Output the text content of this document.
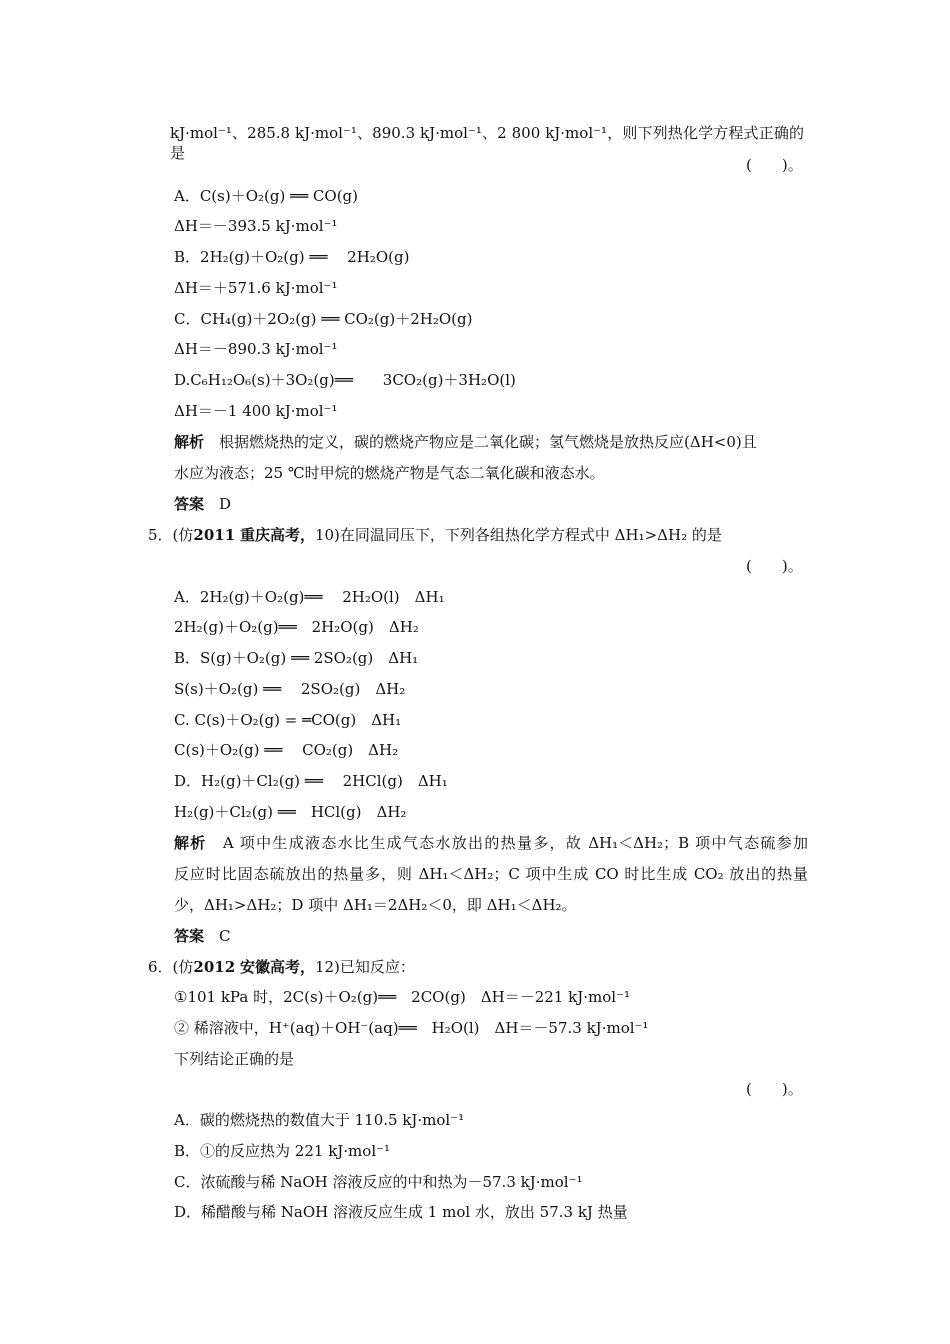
kJ·mol⁻¹、285.8 kJ·mol⁻¹、890.3 kJ·mol⁻¹、2 800 kJ·mol⁻¹，则下列热化学方程式正确的是
(　　)。
A．C(s)＋O₂(g) ══ CO(g)
ΔH＝－393.5 kJ·mol⁻¹
B．2H₂(g)＋O₂(g) ══　 2H₂O(g)
ΔH＝＋571.6 kJ·mol⁻¹
C．CH₄(g)＋2O₂(g) ══ CO₂(g)＋2H₂O(g)
ΔH＝－890.3 kJ·mol⁻¹
D.C₆H₁₂O₆(s)＋3O₂(g)══　　3CO₂(g)＋3H₂O(l)
ΔH＝－1 400 kJ·mol⁻¹
解析　 根据燃烧热的定义，碳的燃烧产物应是二氧化碳；氢气燃烧是放热反应(ΔH<0)且
水应为液态；25 ℃时甲烷的燃烧产物是气态二氧化碳和液态水。
答案　 D
5．(仿2011 重庆高考，10)在同温同压下，下列各组热化学方程式中 ΔH₁>ΔH₂ 的是
(　　)。
A．2H₂(g)＋O₂(g)══　 2H₂O(l)　ΔH₁
2H₂(g)＋O₂(g)══　2H₂O(g)　ΔH₂
B．S(g)＋O₂(g) ══ 2SO₂(g)　ΔH₁
S(s)＋O₂(g) ══　 2SO₂(g)　ΔH₂
C. C(s)＋O₂(g) = ═CO(g)　ΔH₁
C(s)＋O₂(g) ══　 CO₂(g)　ΔH₂
D．H₂(g)＋Cl₂(g) ══　 2HCl(g)　ΔH₁
H₂(g)＋Cl₂(g) ══　HCl(g)　ΔH₂
解析　 A 项中生成液态水比生成气态水放出的热量多，故 ΔH₁＜ΔH₂；B 项中气态硫参加
反应时比固态硫放出的热量多，则 ΔH₁＜ΔH₂；C 项中生成 CO 时比生成 CO₂ 放出的热量
少，ΔH₁>ΔH₂；D 项中 ΔH₁＝2ΔH₂＜0，即 ΔH₁＜ΔH₂。
答案　 C
6．(仿2012 安徽高考，12)已知反应：
①101 kPa 时，2C(s)＋O₂(g)══　2CO(g)　ΔH＝－221 kJ·mol⁻¹
② 稀溶液中，H⁺(aq)＋OH⁻(aq)══　H₂O(l)　ΔH＝－57.3 kJ·mol⁻¹
下列结论正确的是
(　　)。
A．碳的燃烧热的数值大于 110.5 kJ·mol⁻¹
B．①的反应热为 221 kJ·mol⁻¹
C．浓硫酸与稀 NaOH 溶液反应的中和热为－57.3 kJ·mol⁻¹
D．稀醋酸与稀 NaOH 溶液反应生成 1 mol 水，放出 57.3 kJ 热量
